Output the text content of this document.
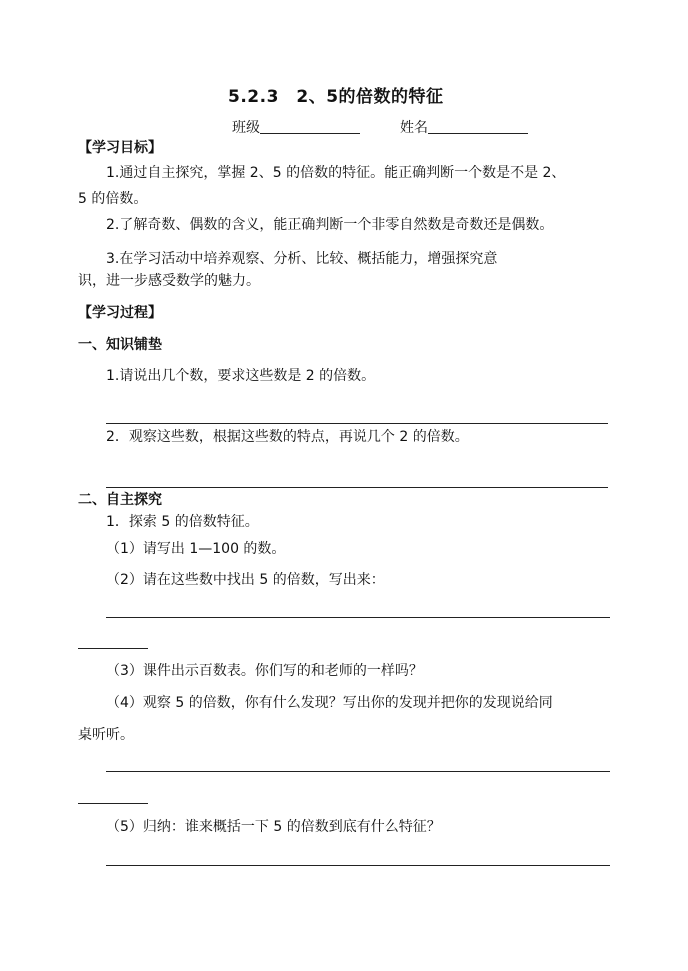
5.2.3　2、5的倍数的特征
班级	姓名
【学习目标】
1.通过自主探究，掌握 2、5 的倍数的特征。能正确判断一个数是不是 2、
5 的倍数。
2.了解奇数、偶数的含义，能正确判断一个非零自然数是奇数还是偶数。
3.在学习活动中培养观察、分析、比较、概括能力，增强探究意
识，进一步感受数学的魅力。
【学习过程】
一、知识铺垫
1.请说出几个数，要求这些数是 2 的倍数。
2．观察这些数，根据这些数的特点，再说几个 2 的倍数。
二、自主探究
1．探索 5 的倍数特征。
（1）请写出 1—100 的数。
（2）请在这些数中找出 5 的倍数，写出来：
（3）课件出示百数表。你们写的和老师的一样吗？
（4）观察 5 的倍数，你有什么发现？写出你的发现并把你的发现说给同
桌听听。
（5）归纳：谁来概括一下 5 的倍数到底有什么特征？
